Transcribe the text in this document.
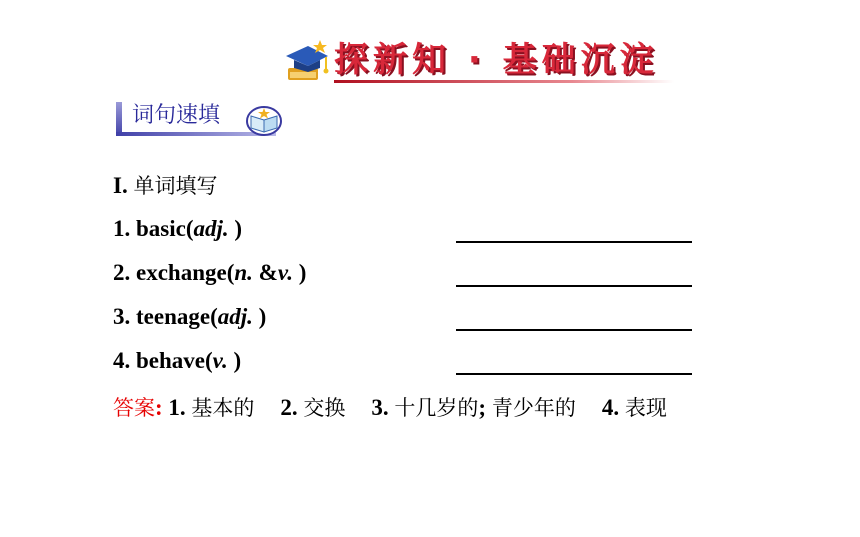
探新知 · 基础沉淀
词句速填
I. 单词填写
1. basic(adj. )
2. exchange(n. &v. )
3. teenage(adj. )
4. behave(v. )
答案: 1. 基本的 2. 交换 3. 十几岁的; 青少年的 4. 表现
